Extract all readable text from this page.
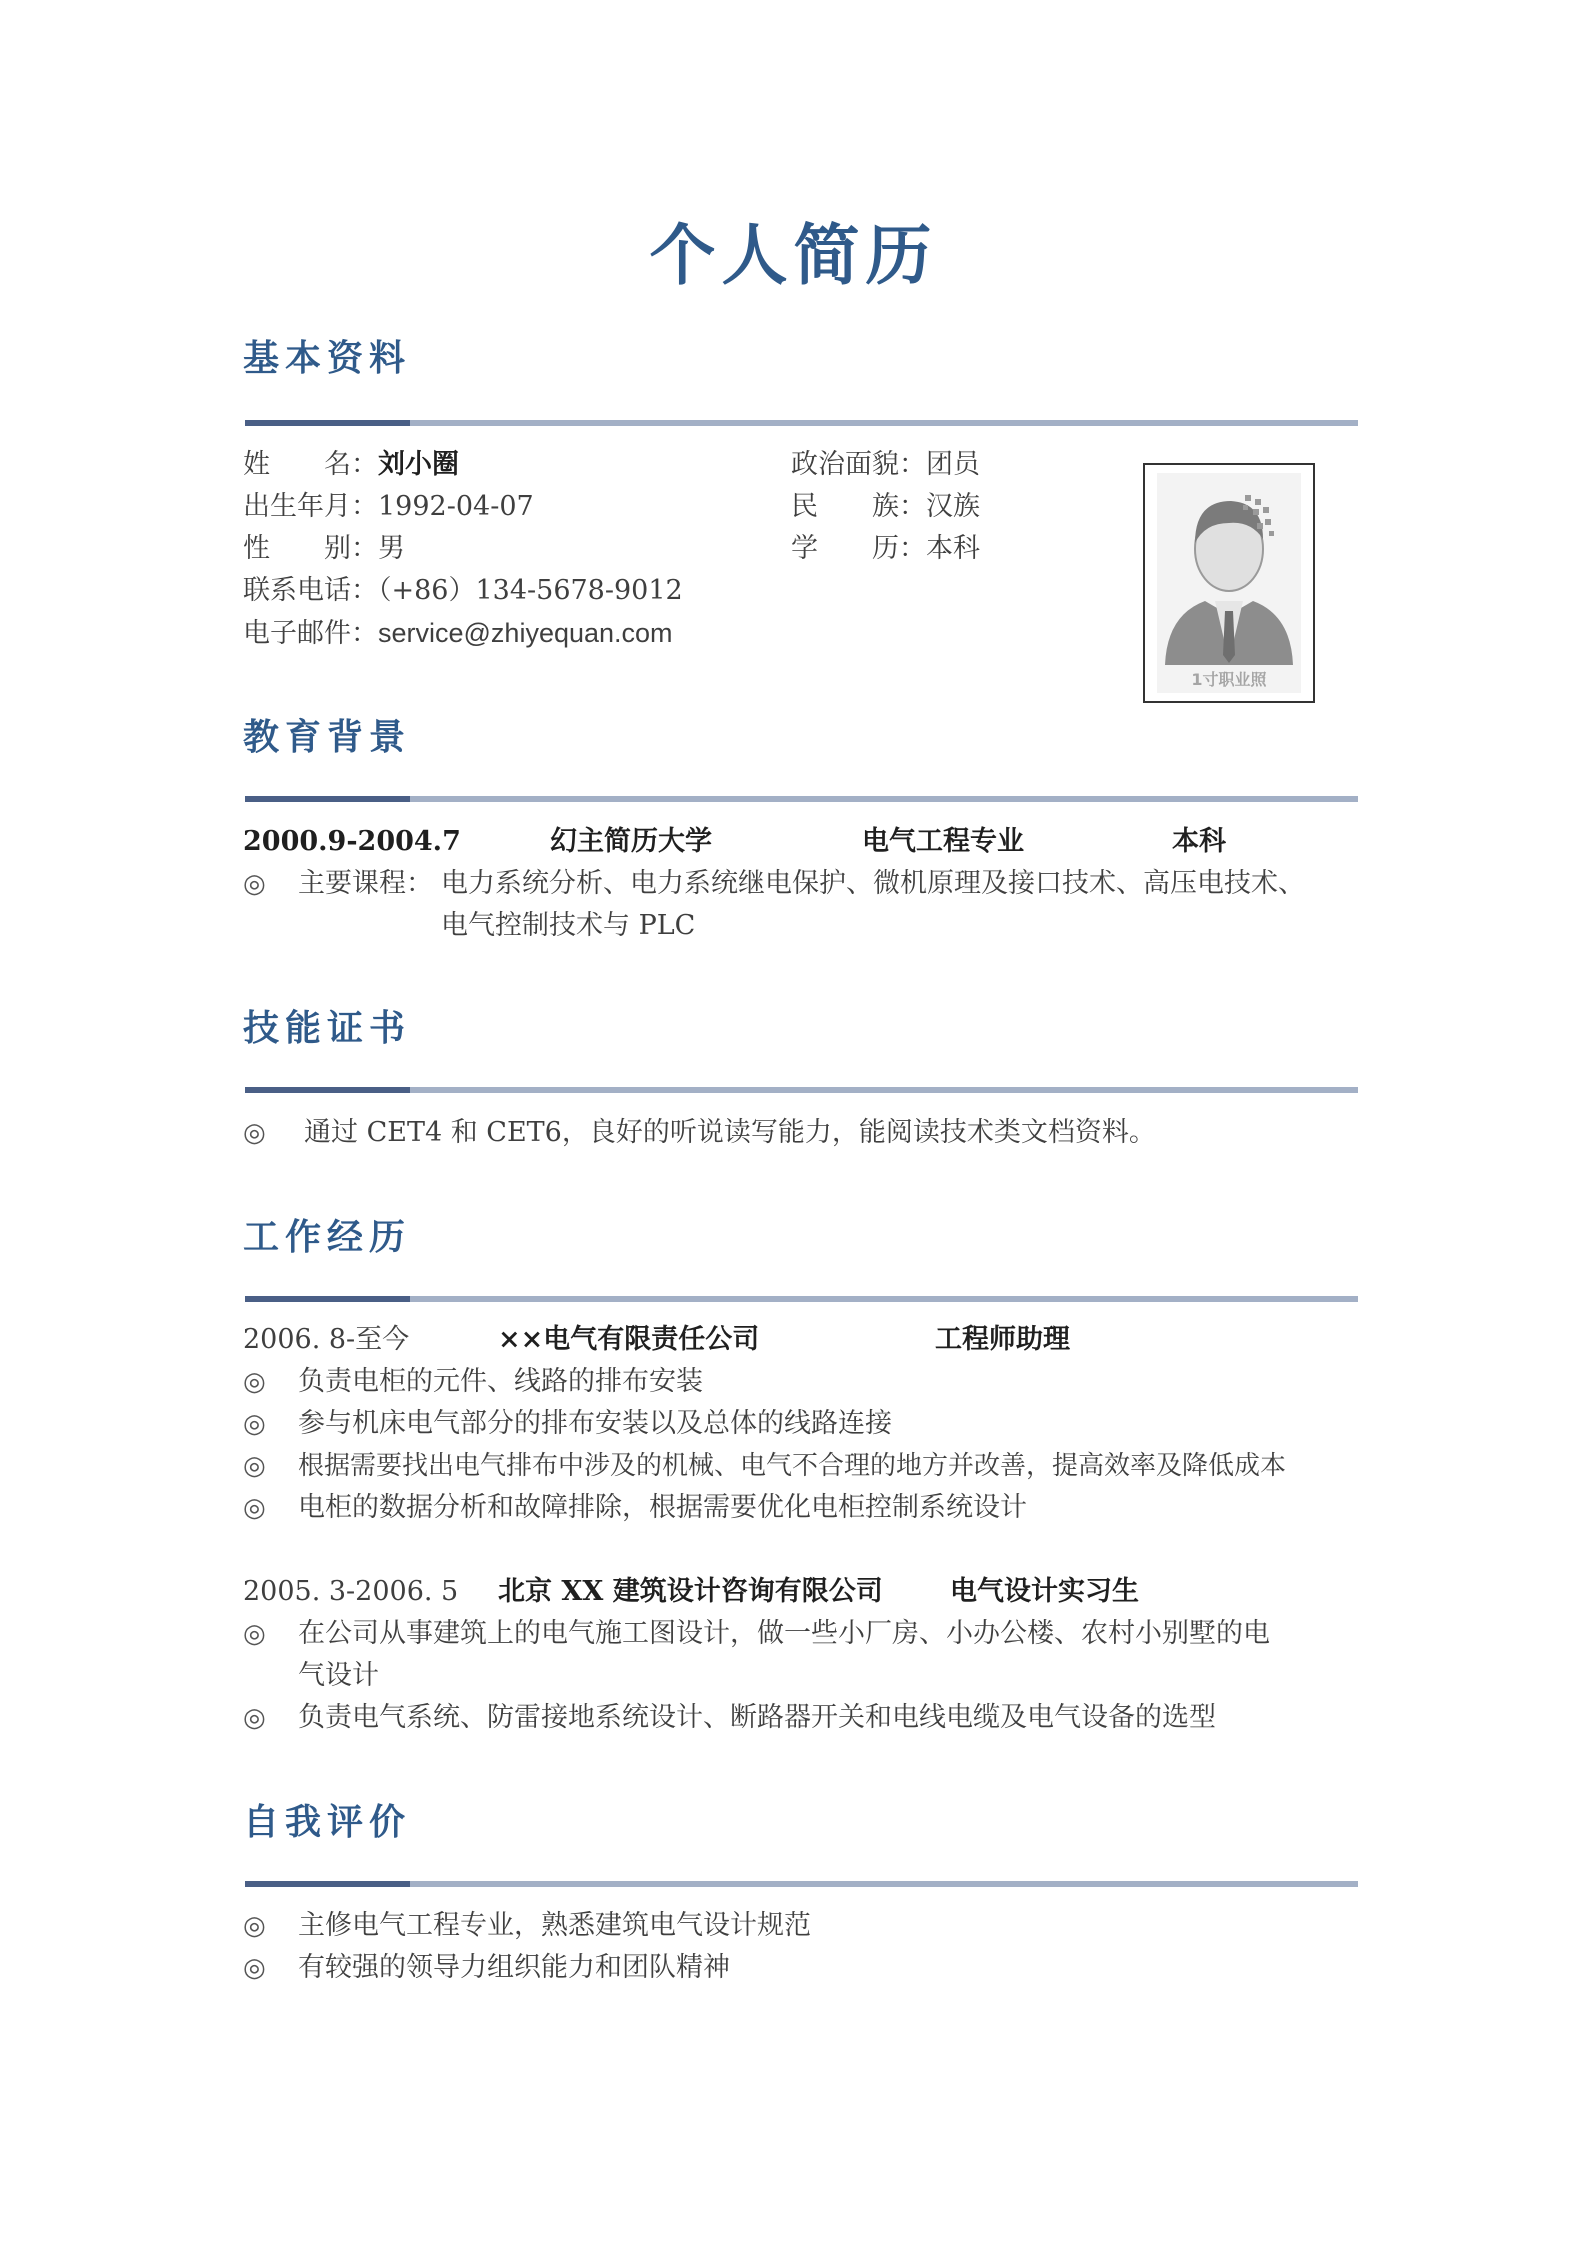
个人简历
基本资料
姓　　名：刘小圈
出生年月：1992-04-07
性　　别：男
联系电话：（+86）134-5678-9012
电子邮件：service@zhiyequan.com
政治面貌：团员
民　　族：汉族
学　　历：本科
1寸职业照
教育背景
2000.9-2004.7	幻主简历大学	电气工程专业	本科
◎ 主要课程： 电力系统分析、电力系统继电保护、微机原理及接口技术、高压电技术、
电气控制技术与 PLC
技能证书
◎ 通过 CET4 和 CET6，良好的听说读写能力，能阅读技术类文档资料。
工作经历
2006. 8-至今	××电气有限责任公司	工程师助理
◎ 负责电柜的元件、线路的排布安装
◎ 参与机床电气部分的排布安装以及总体的线路连接
◎ 根据需要找出电气排布中涉及的机械、电气不合理的地方并改善，提高效率及降低成本
◎ 电柜的数据分析和故障排除，根据需要优化电柜控制系统设计
2005. 3-2006. 5 北京 XX 建筑设计咨询有限公司 电气设计实习生
◎ 在公司从事建筑上的电气施工图设计，做一些小厂房、小办公楼、农村小别墅的电
气设计
◎ 负责电气系统、防雷接地系统设计、断路器开关和电线电缆及电气设备的选型
自我评价
◎ 主修电气工程专业，熟悉建筑电气设计规范
◎ 有较强的领导力组织能力和团队精神
